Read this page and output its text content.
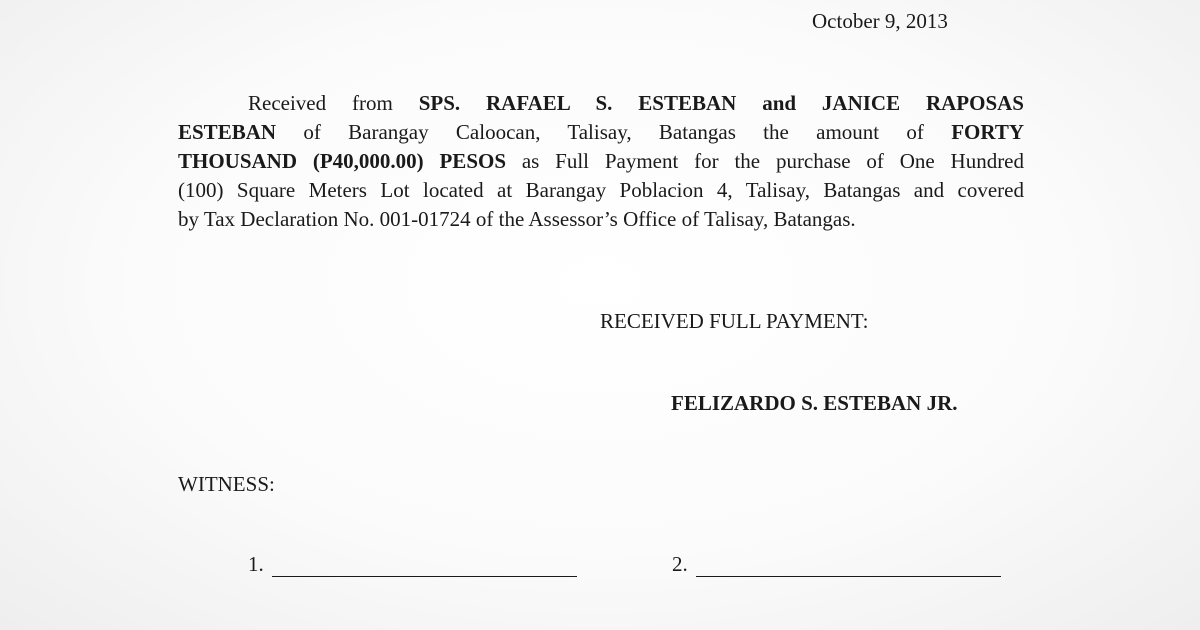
October 9, 2013
Received from SPS. RAFAEL S. ESTEBAN and JANICE RAPOSAS
ESTEBAN of Barangay Caloocan, Talisay, Batangas the amount of FORTY
THOUSAND (P40,000.00) PESOS as Full Payment for the purchase of One Hundred
(100) Square Meters Lot located at Barangay Poblacion 4, Talisay, Batangas and covered
by Tax Declaration No. 001-01724 of the Assessor’s Office of Talisay, Batangas.
RECEIVED FULL PAYMENT:
FELIZARDO S. ESTEBAN JR.
WITNESS:
1.	2.
